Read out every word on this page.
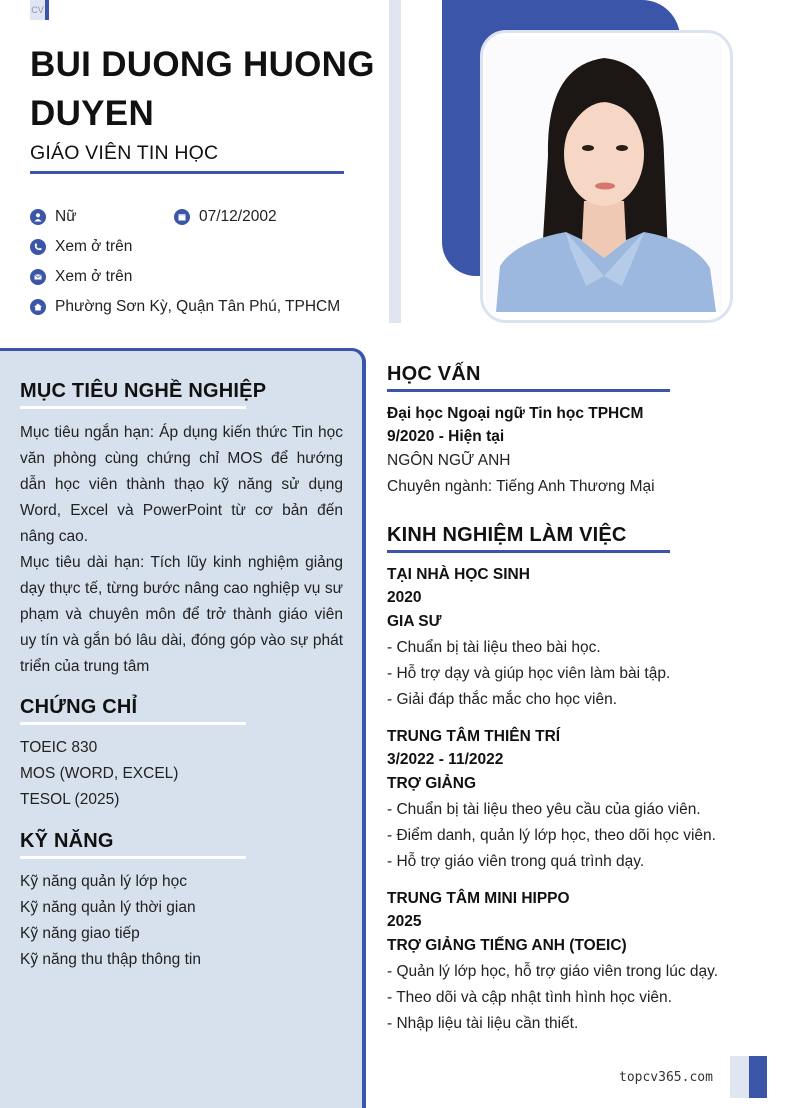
CV
BUI DUONG HUONG DUYEN
GIÁO VIÊN TIN HỌC
Nữ	07/12/2002
Xem ở trên
Xem ở trên
Phường Sơn Kỳ, Quận Tân Phú, TPHCM
MỤC TIÊU NGHỀ NGHIỆP
Mục tiêu ngắn hạn: Áp dụng kiến thức Tin học văn phòng cùng chứng chỉ MOS để hướng dẫn học viên thành thạo kỹ năng sử dụng Word, Excel và PowerPoint từ cơ bản đến nâng cao.
Mục tiêu dài hạn: Tích lũy kinh nghiệm giảng dạy thực tế, từng bước nâng cao nghiệp vụ sư phạm và chuyên môn để trở thành giáo viên uy tín và gắn bó lâu dài, đóng góp vào sự phát triển của trung tâm
CHỨNG CHỈ
TOEIC 830
MOS (WORD, EXCEL)
TESOL (2025)
KỸ NĂNG
Kỹ năng quản lý lớp học
Kỹ năng quản lý thời gian
Kỹ năng giao tiếp
Kỹ năng thu thập thông tin
HỌC VẤN
Đại học Ngoại ngữ Tin học TPHCM
9/2020 - Hiện tại
NGÔN NGỮ ANH
Chuyên ngành: Tiếng Anh Thương Mại
KINH NGHIỆM LÀM VIỆC
TẠI NHÀ HỌC SINH
2020
GIA SƯ
- Chuẩn bị tài liệu theo bài học.
- Hỗ trợ dạy và giúp học viên làm bài tập.
- Giải đáp thắc mắc cho học viên.
TRUNG TÂM THIÊN TRÍ
3/2022 - 11/2022
TRỢ GIẢNG
- Chuẩn bị tài liệu theo yêu cầu của giáo viên.
- Điểm danh, quản lý lớp học, theo dõi học viên.
- Hỗ trợ giáo viên trong quá trình dạy.
TRUNG TÂM MINI HIPPO
2025
TRỢ GIẢNG TIẾNG ANH (TOEIC)
- Quản lý lớp học, hỗ trợ giáo viên trong lúc dạy.
- Theo dõi và cập nhật tình hình học viên.
- Nhập liệu tài liệu cần thiết.
topcv365.com
